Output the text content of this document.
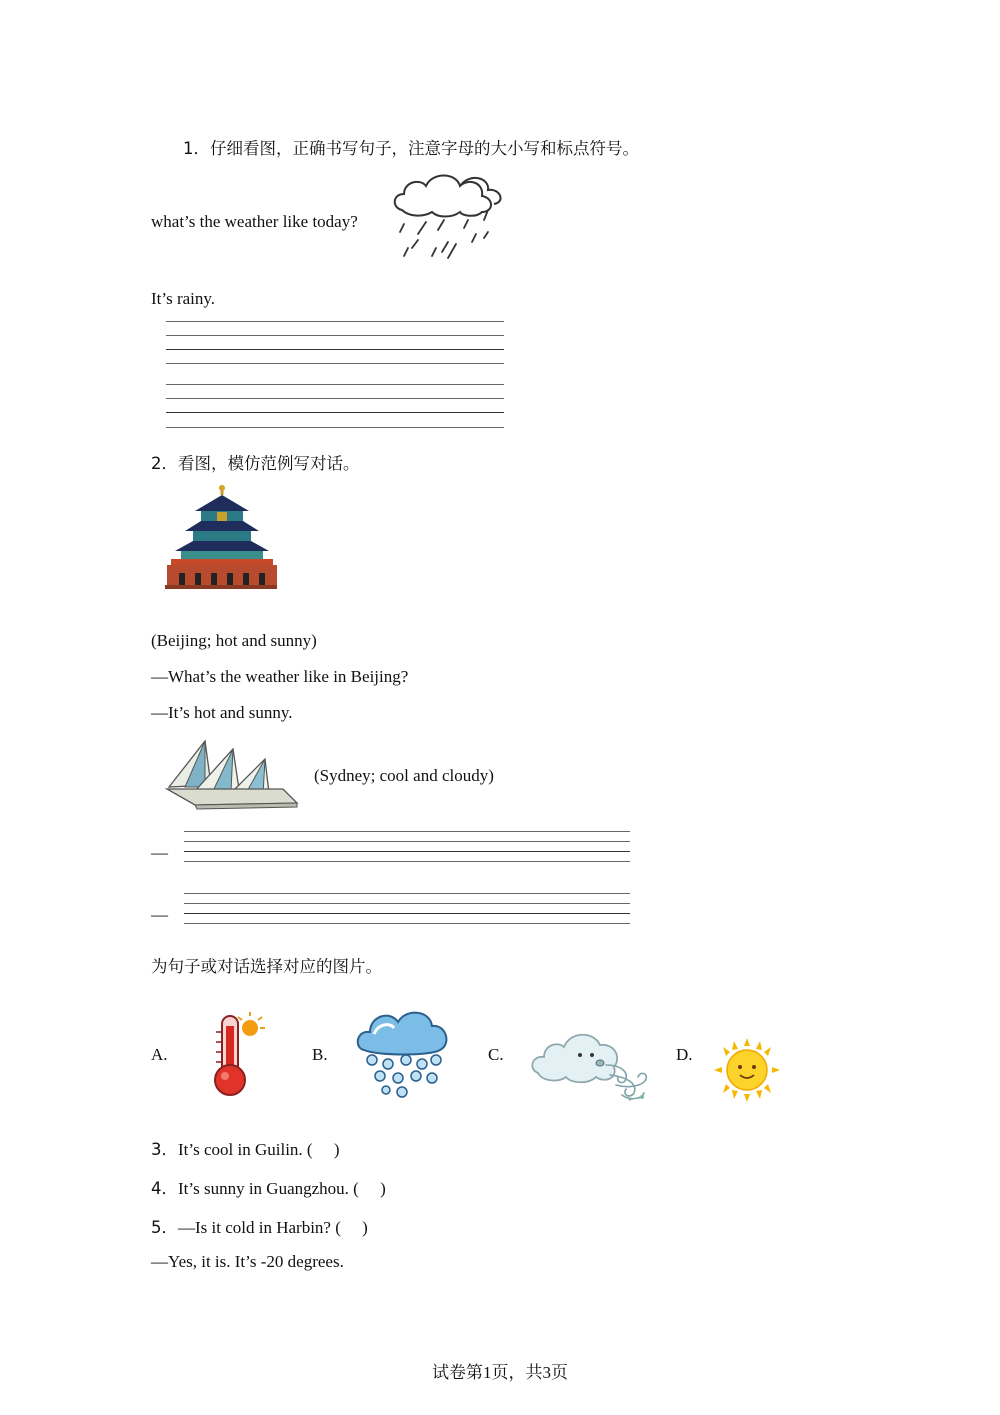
1．仔细看图，正确书写句子，注意字母的大小写和标点符号。
what’s the weather like today?
It’s rainy.
2．看图，模仿范例写对话。
(Beijing; hot and sunny)
—What’s the weather like in Beijing?
—It’s hot and sunny.
(Sydney; cool and cloudy)
—
—
为句子或对话选择对应的图片。
A.	B.	C.	D.
3．It’s cool in Guilin. (　 )
4．It’s sunny in Guangzhou. (　 )
5．—Is it cold in Harbin? (　 )
—Yes, it is. It’s -20 degrees.
试卷第1页，共3页
